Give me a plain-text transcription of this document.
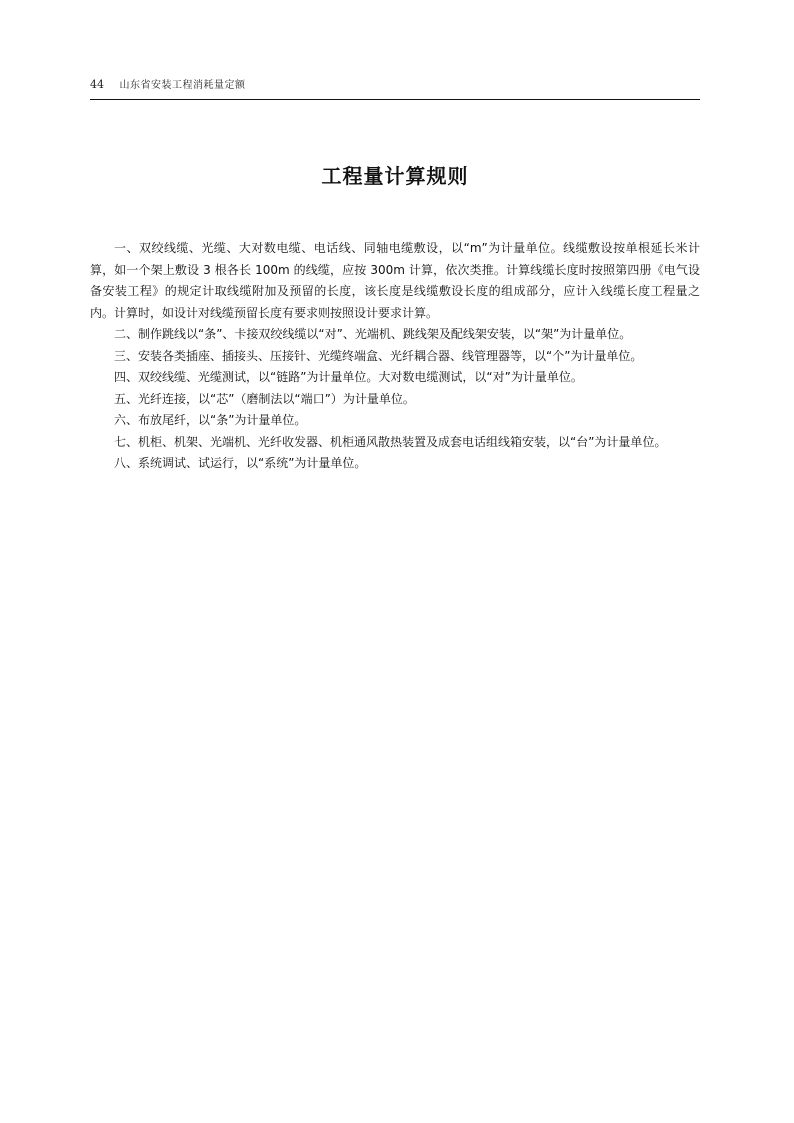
44 山东省安装工程消耗量定额
工程量计算规则

一、双绞线缆、光缆、大对数电缆、电话线、同轴电缆敷设，以“m”为计量单位。线缆敷设按单根延长米计算，如一个架上敷设 3 根各长 100m 的线缆，应按 300m 计算，依次类推。计算线缆长度时按照第四册《电气设备安装工程》的规定计取线缆附加及预留的长度，该长度是线缆敷设长度的组成部分，应计入线缆长度工程量之内。计算时，如设计对线缆预留长度有要求则按照设计要求计算。

二、制作跳线以“条”、卡接双绞线缆以“对”、光端机、跳线架及配线架安装，以“架”为计量单位。

三、安装各类插座、插接头、压接针、光缆终端盒、光纤耦合器、线管理器等，以“个”为计量单位。

四、双绞线缆、光缆测试，以“链路”为计量单位。大对数电缆测试，以“对”为计量单位。

五、光纤连接，以“芯”（磨制法以“端口”）为计量单位。

六、布放尾纤，以“条”为计量单位。

七、机柜、机架、光端机、光纤收发器、机柜通风散热装置及成套电话组线箱安装，以“台”为计量单位。

八、系统调试、试运行，以“系统”为计量单位。
